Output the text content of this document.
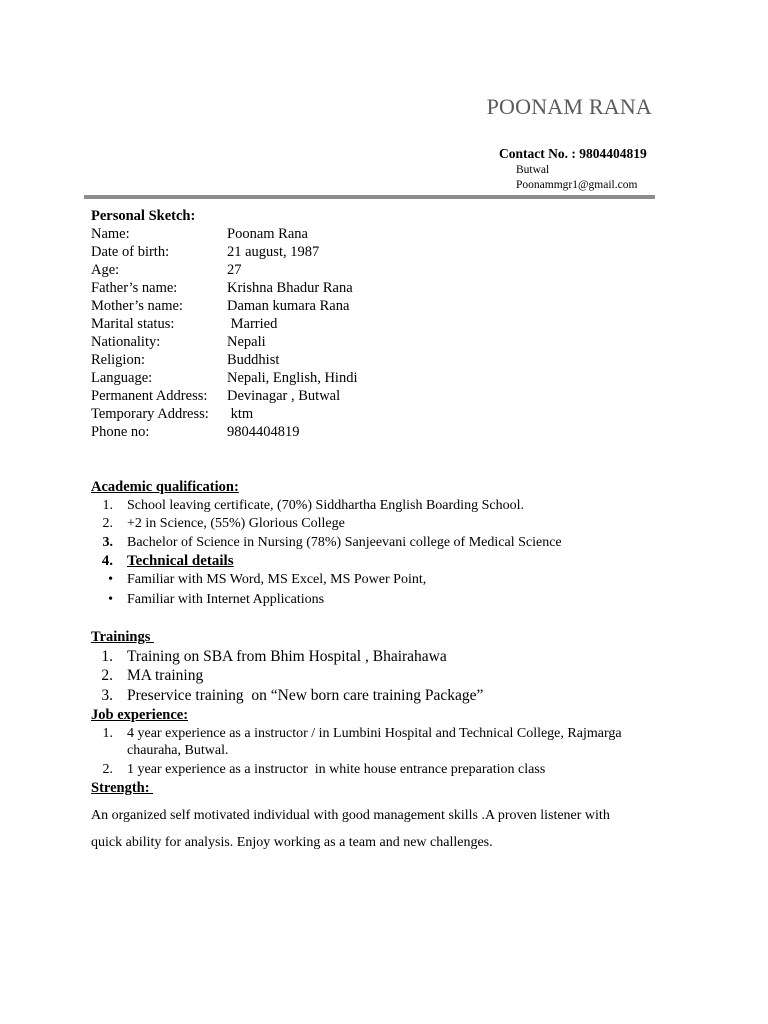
POONAM RANA
Contact No. : 9804404819
Butwal
Poonammgr1@gmail.com
Personal Sketch:
Name:	Poonam Rana
Date of birth:	21 august, 1987
Age:	27
Father’s name:	Krishna Bhadur Rana
Mother’s name:	Daman kumara Rana
Marital status:	Married
Nationality:	Nepali
Religion:	Buddhist
Language:	Nepali, English, Hindi
Permanent Address: Devinagar , Butwal
Temporary Address: ktm
Phone no:	9804404819
Academic qualification:
1. School leaving certificate, (70%) Siddhartha English Boarding School.
2. +2 in Science, (55%) Glorious College
3. Bachelor of Science in Nursing (78%) Sanjeevani college of Medical Science
4. Technical details
• Familiar with MS Word, MS Excel, MS Power Point,
• Familiar with Internet Applications
Trainings
1. Training on SBA from Bhim Hospital , Bhairahawa
2. MA training
3. Preservice training  on “New born care training Package”
Job experience:
1. 4 year experience as a instructor / in Lumbini Hospital and Technical College, Rajmarga
chauraha, Butwal.
2. 1 year experience as a instructor  in white house entrance preparation class
Strength:
An organized self motivated individual with good management skills .A proven listener with
quick ability for analysis. Enjoy working as a team and new challenges.
